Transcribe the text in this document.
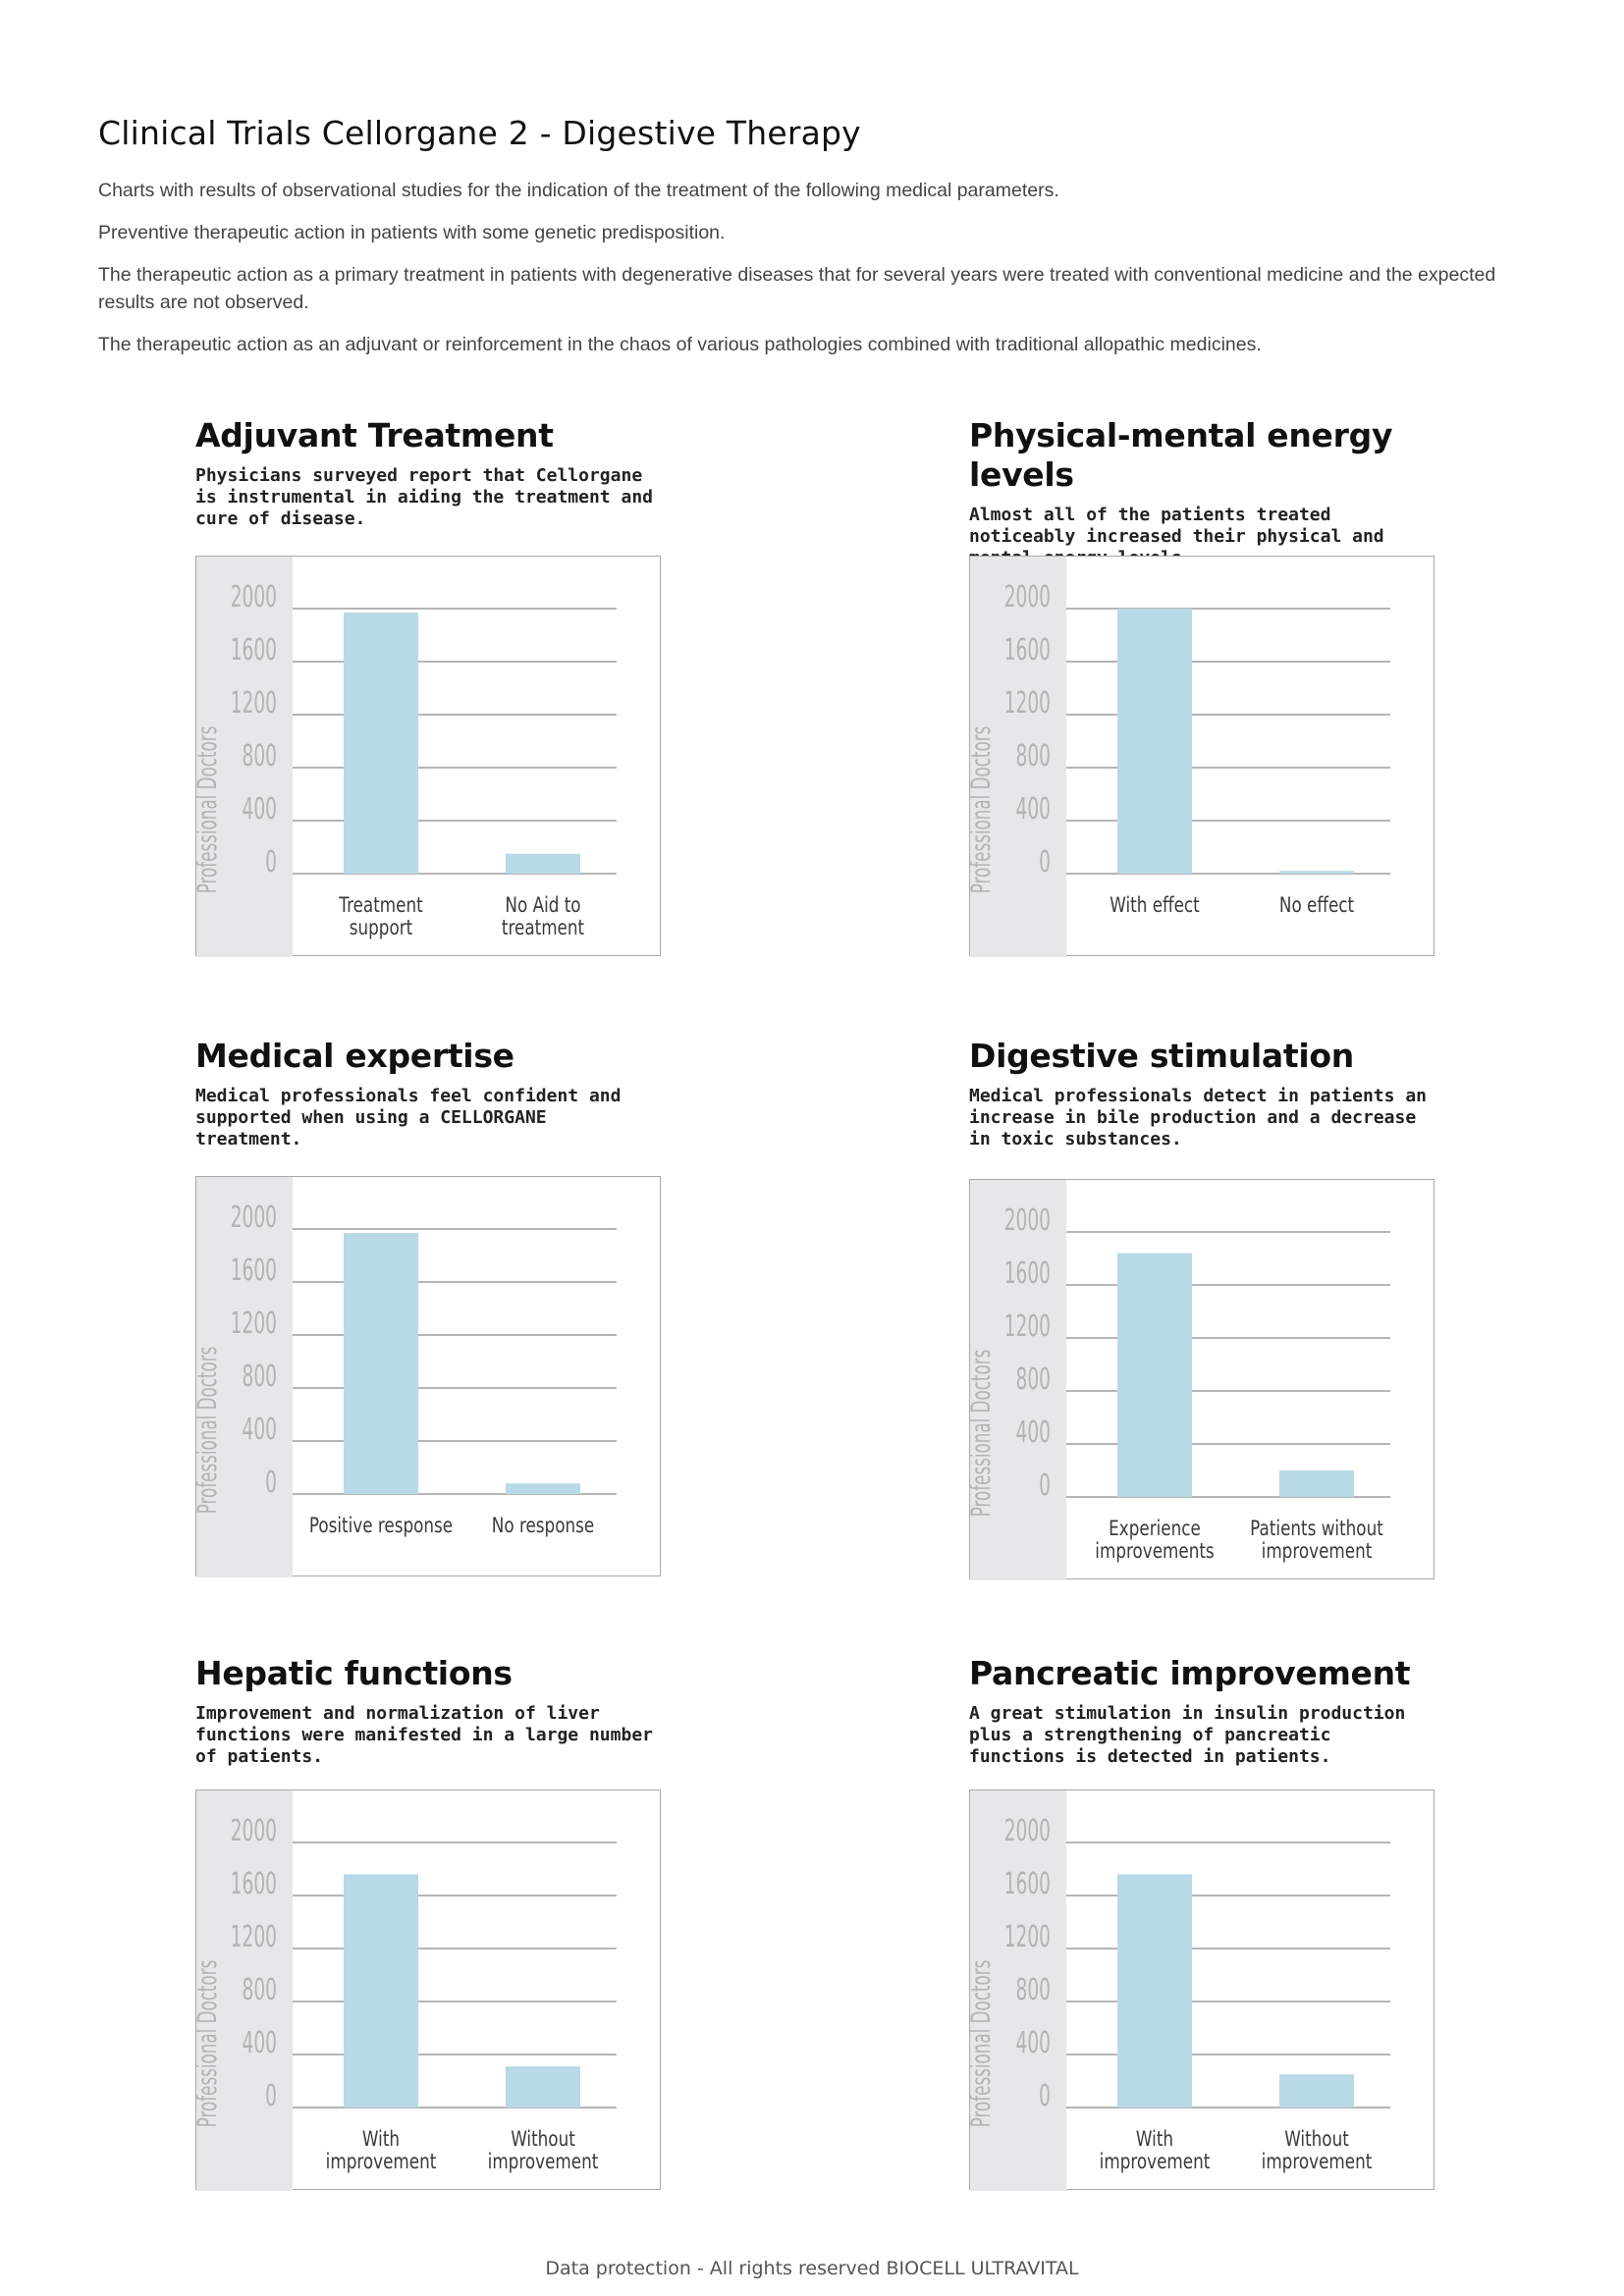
Clinical Trials Cellorgane 2 - Digestive Therapy

Charts with results of observational studies for the indication of the treatment of the following medical parameters.

Preventive therapeutic action in patients with some genetic predisposition.

The therapeutic action as a primary treatment in patients with degenerative diseases that for several years were treated with conventional medicine and the expected results are not observed.

The therapeutic action as an adjuvant or reinforcement in the chaos of various pathologies combined with traditional allopathic medicines.

Adjuvant Treatment
Physicians surveyed report that Cellorgane is instrumental in aiding the treatment and cure of disease.
2000
1600
1200
800
400
0
Professional Doctors
Treatment support
No Aid to treatment
Physical-mental energy levels
Almost all of the patients treated noticeably increased their physical and
2000
1600
1200
800
400
0
Professional Doctors
With effect	No effect
Medical expertise
Medical professionals feel confident and supported when using a CELLORGANE treatment.
2000
1600
1200
800
400
0
Professional Doctors
Positive response No response
Digestive stimulation
Medical professionals detect in patients an increase in bile production and a decrease in toxic substances.
2000
1600
1200
800
400
0
Professional Doctors
Experience improvements
Patients without improvement
Hepatic functions
Improvement and normalization of liver functions were manifested in a large number of patients.
2000
1600
1200
800
400
0
Professional Doctors
With improvement
Without improvement
Pancreatic improvement
A great stimulation in insulin production plus a strengthening of pancreatic functions is detected in patients.
2000
1600
1200
800
400
0
Professional Doctors
With improvement
Without improvement
Data protection - All rights reserved BIOCELL ULTRAVITAL
